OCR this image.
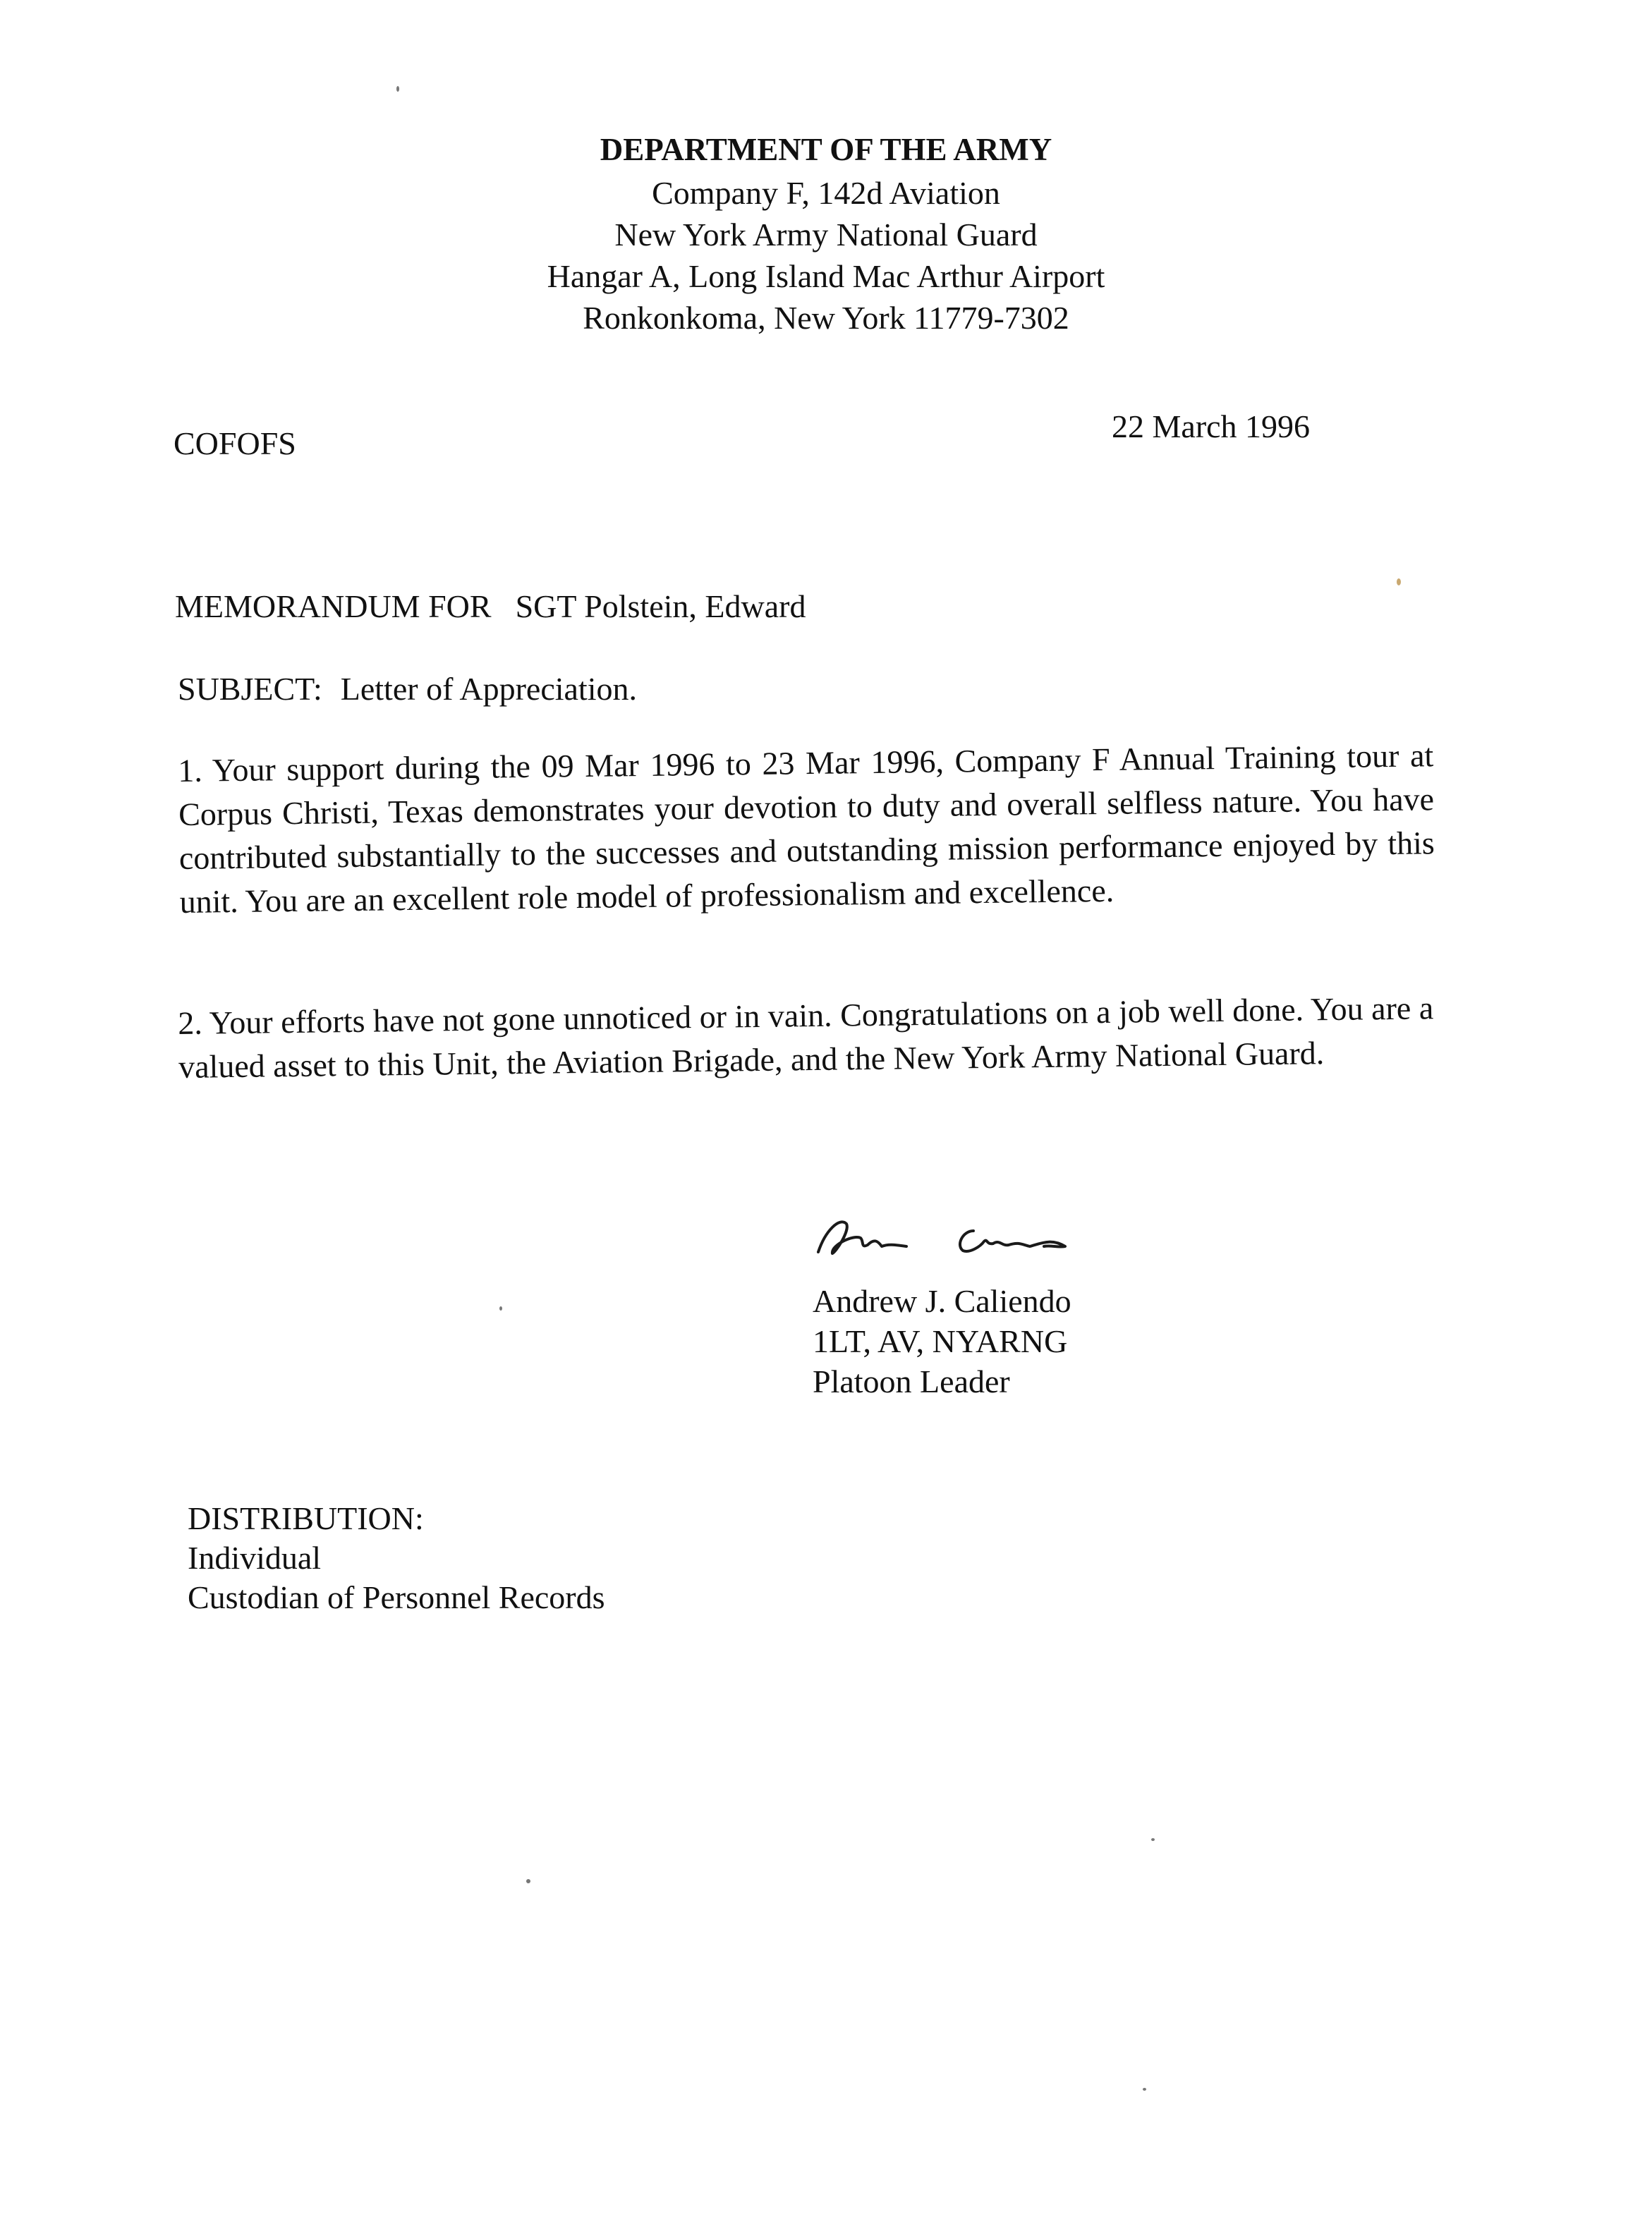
DEPARTMENT OF THE ARMY

Company F, 142d Aviation

New York Army National Guard

Hangar A, Long Island Mac Arthur Airport

Ronkonkoma, New York 11779-7302

COFOFS	22 March 1996

MEMORANDUM FOR SGT Polstein, Edward

SUBJECT: Letter of Appreciation.

1. Your support during the 09 Mar 1996 to 23 Mar 1996, Company F Annual Training tour at Corpus Christi, Texas demonstrates your devotion to duty and overall selfless nature. You have contributed substantially to the successes and outstanding mission performance enjoyed by this unit. You are an excellent role model of professionalism and excellence.

2. Your efforts have not gone unnoticed or in vain. Congratulations on a job well done. You are a valued asset to this Unit, the Aviation Brigade, and the New York Army National Guard.

Andrew J. Caliendo

1LT, AV, NYARNG

Platoon Leader

DISTRIBUTION:

Individual

Custodian of Personnel Records
